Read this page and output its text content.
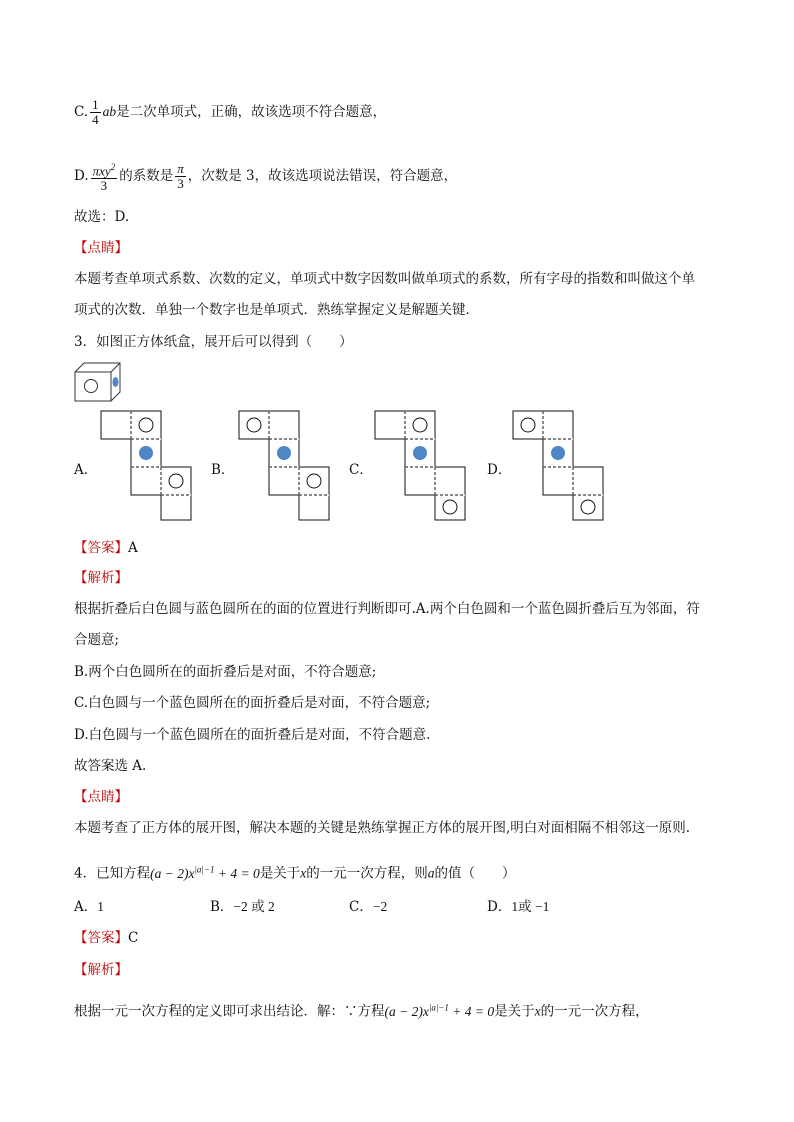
C. $\frac{1}{4}$ ab是二次单项式，正确，故该选项不符合题意，
D. $\frac{\pi xy^2}{3}$ 的系数是 $\frac{\pi}{3}$ ，次数是 3，故该选项说法错误，符合题意，
故选：D.
【点睛】
本题考查单项式系数、次数的定义，单项式中数字因数叫做单项式的系数，所有字母的指数和叫做这个单
项式的次数．单独一个数字也是单项式．熟练掌握定义是解题关键．
3．如图正方体纸盒，展开后可以得到（　　）
A．	B．	C．	D．
【答案】A
【解析】
根据折叠后白色圆与蓝色圆所在的面的位置进行判断即可.A.两个白色圆和一个蓝色圆折叠后互为邻面，符
合题意;
B.两个白色圆所在的面折叠后是对面，不符合题意;
C.白色圆与一个蓝色圆所在的面折叠后是对面，不符合题意;
D.白色圆与一个蓝色圆所在的面折叠后是对面，不符合题意.
故答案选 A.
【点睛】
本题考查了正方体的展开图，解决本题的关键是熟练掌握正方体的展开图,明白对面相隔不相邻这一原则.
4．已知方程$(a - 2)x^{|a|-1} + 4 = 0$是关于x的一元一次方程，则a的值（　　）
A．1	B．−2 或 2	C．−2	D．1或 −1
【答案】C
【解析】
根据一元一次方程的定义即可求出结论．解：∵方程$(a - 2)x^{|a|-1} + 4 = 0$是关于x的一元一次方程，
